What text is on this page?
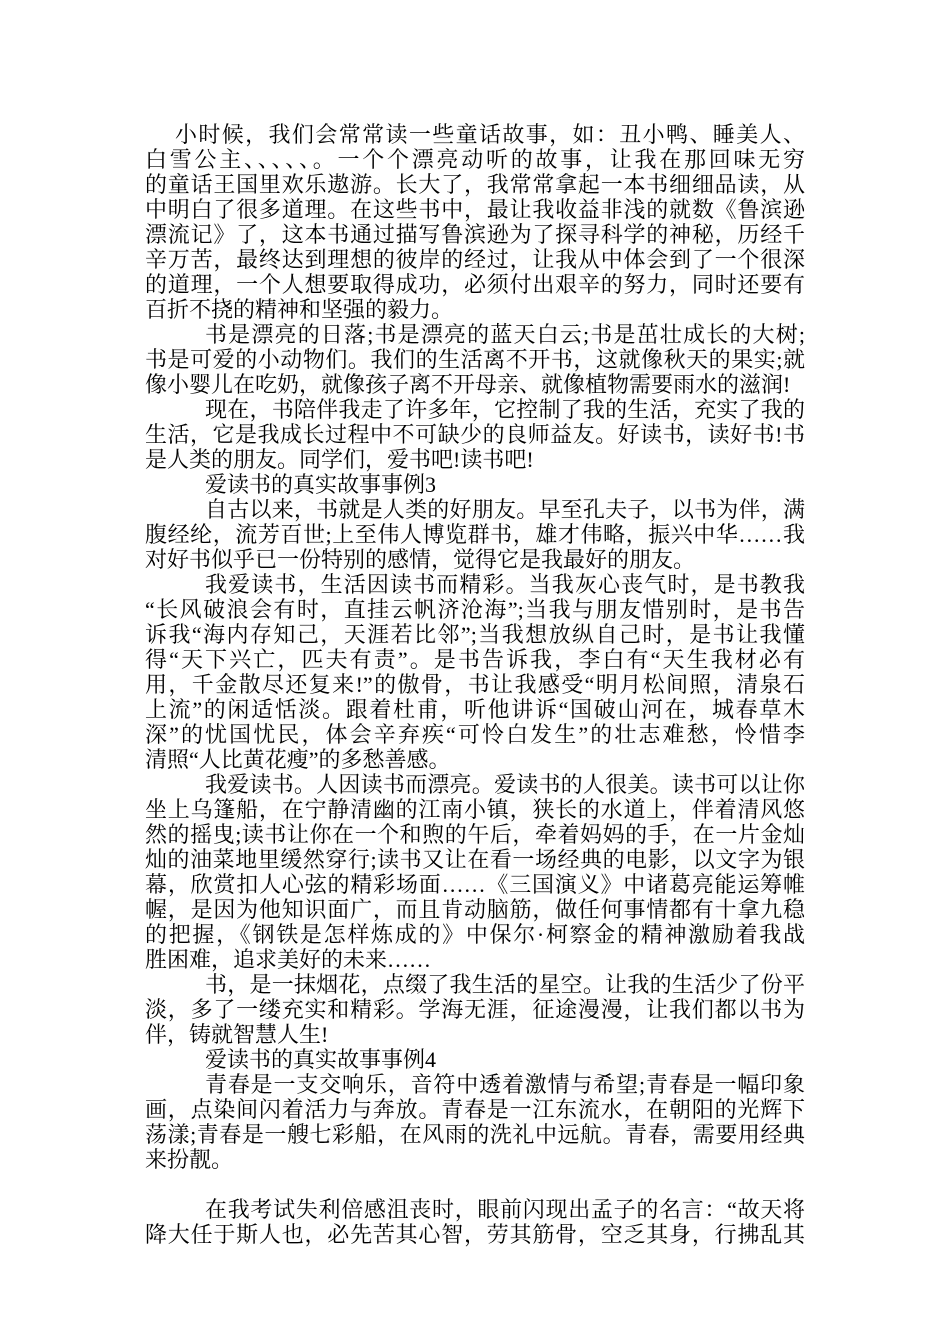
小时候，我们会常常读一些童话故事，如：丑小鸭、睡美人、
白雪公主、、、、、。一个个漂亮动听的故事，让我在那回味无穷
的童话王国里欢乐遨游。长大了，我常常拿起一本书细细品读，从
中明白了很多道理。在这些书中，最让我收益非浅的就数《鲁滨逊
漂流记》了，这本书通过描写鲁滨逊为了探寻科学的神秘，历经千
辛万苦，最终达到理想的彼岸的经过，让我从中体会到了一个很深
的道理，一个人想要取得成功，必须付出艰辛的努力，同时还要有
百折不挠的精神和坚强的毅力。
书是漂亮的日落;书是漂亮的蓝天白云;书是茁壮成长的大树;
书是可爱的小动物们。我们的生活离不开书，这就像秋天的果实;就
像小婴儿在吃奶，就像孩子离不开母亲、就像植物需要雨水的滋润!
现在，书陪伴我走了许多年，它控制了我的生活，充实了我的
生活，它是我成长过程中不可缺少的良师益友。好读书，读好书!书
是人类的朋友。同学们，爱书吧!读书吧!
爱读书的真实故事事例3
自古以来，书就是人类的好朋友。早至孔夫子，以书为伴，满
腹经纶，流芳百世;上至伟人博览群书，雄才伟略，振兴中华……我
对好书似乎已一份特别的感情，觉得它是我最好的朋友。
我爱读书，生活因读书而精彩。当我灰心丧气时，是书教我
“长风破浪会有时，直挂云帆济沧海”;当我与朋友惜别时，是书告
诉我“海内存知己，天涯若比邻”;当我想放纵自己时，是书让我懂
得“天下兴亡，匹夫有责”。是书告诉我，李白有“天生我材必有
用，千金散尽还复来!”的傲骨，书让我感受“明月松间照，清泉石
上流”的闲适恬淡。跟着杜甫，听他讲诉“国破山河在，城春草木
深”的忧国忧民，体会辛弃疾“可怜白发生”的壮志难愁，怜惜李
清照“人比黄花瘦”的多愁善感。
我爱读书。人因读书而漂亮。爱读书的人很美。读书可以让你
坐上乌篷船，在宁静清幽的江南小镇，狭长的水道上，伴着清风悠
然的摇曳;读书让你在一个和煦的午后，牵着妈妈的手，在一片金灿
灿的油菜地里缓然穿行;读书又让在看一场经典的电影，以文字为银
幕，欣赏扣人心弦的精彩场面……《三国演义》中诸葛亮能运筹帷
幄，是因为他知识面广，而且肯动脑筋，做任何事情都有十拿九稳
的把握，《钢铁是怎样炼成的》中保尔·柯察金的精神激励着我战
胜困难，追求美好的未来……
书，是一抹烟花，点缀了我生活的星空。让我的生活少了份平
淡，多了一缕充实和精彩。学海无涯，征途漫漫，让我们都以书为
伴，铸就智慧人生!
爱读书的真实故事事例4
青春是一支交响乐，音符中透着激情与希望;青春是一幅印象
画，点染间闪着活力与奔放。青春是一江东流水，在朝阳的光辉下
荡漾;青春是一艘七彩船，在风雨的洗礼中远航。青春，需要用经典
来扮靓。
在我考试失利倍感沮丧时，眼前闪现出孟子的名言：“故天将
降大任于斯人也，必先苦其心智，劳其筋骨，空乏其身，行拂乱其
